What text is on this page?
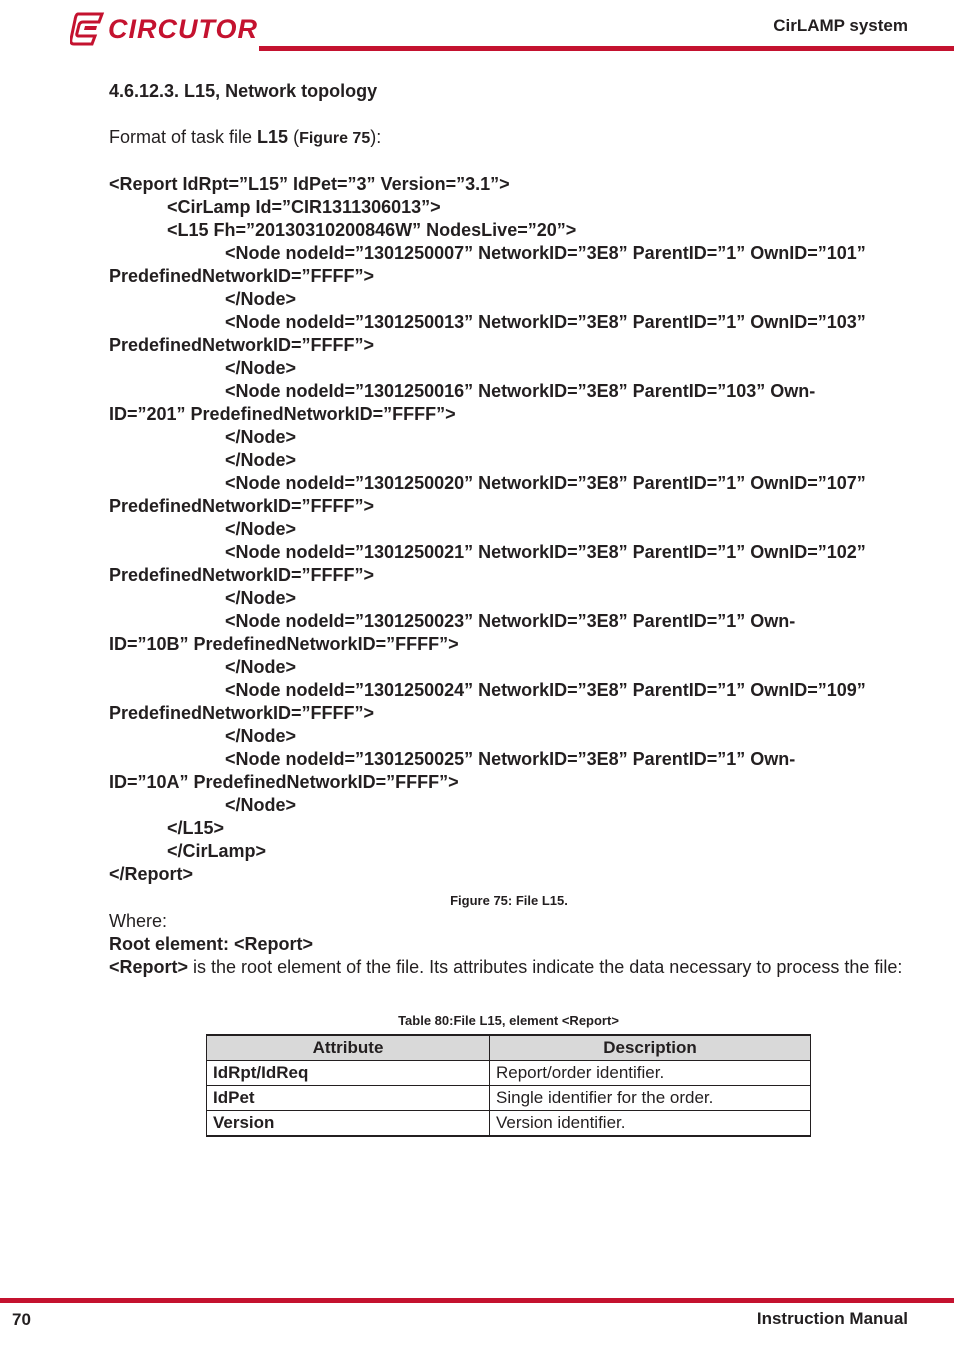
CIRCUTOR	CirLAMP system

4.6.12.3. L15, Network topology

Format of task file L15 (Figure 75):

<Report IdRpt=”L15” IdPet=”3” Version=”3.1”>
<CirLamp Id=”CIR1311306013”>
<L15 Fh=”20130310200846W” NodesLive=”20”>
<Node nodeId=”1301250007” NetworkID=”3E8” ParentID=”1” OwnID=”101”
PredefinedNetworkID=”FFFF”>
</Node>
<Node nodeId=”1301250013” NetworkID=”3E8” ParentID=”1” OwnID=”103”
PredefinedNetworkID=”FFFF”>
</Node>
<Node nodeId=”1301250016” NetworkID=”3E8” ParentID=”103” Own-
ID=”201” PredefinedNetworkID=”FFFF”>
</Node>
</Node>
<Node nodeId=”1301250020” NetworkID=”3E8” ParentID=”1” OwnID=”107”
PredefinedNetworkID=”FFFF”>
</Node>
<Node nodeId=”1301250021” NetworkID=”3E8” ParentID=”1” OwnID=”102”
PredefinedNetworkID=”FFFF”>
</Node>
<Node nodeId=”1301250023” NetworkID=”3E8” ParentID=”1” Own-
ID=”10B” PredefinedNetworkID=”FFFF”>
</Node>
<Node nodeId=”1301250024” NetworkID=”3E8” ParentID=”1” OwnID=”109”
PredefinedNetworkID=”FFFF”>
</Node>
<Node nodeId=”1301250025” NetworkID=”3E8” ParentID=”1” Own-
ID=”10A” PredefinedNetworkID=”FFFF”>
</Node>
</L15>
</CirLamp>
</Report>

Figure 75: File L15.

Where:

Root element: <Report>

<Report> is the root element of the file. Its attributes indicate the data necessary to process the file:

Table 80:File L15, element <Report>
Attribute	Description
IdRpt/IdReq	Report/order identifier.
IdPet	Single identifier for the order.
Version	Version identifier.
70	Instruction Manual
